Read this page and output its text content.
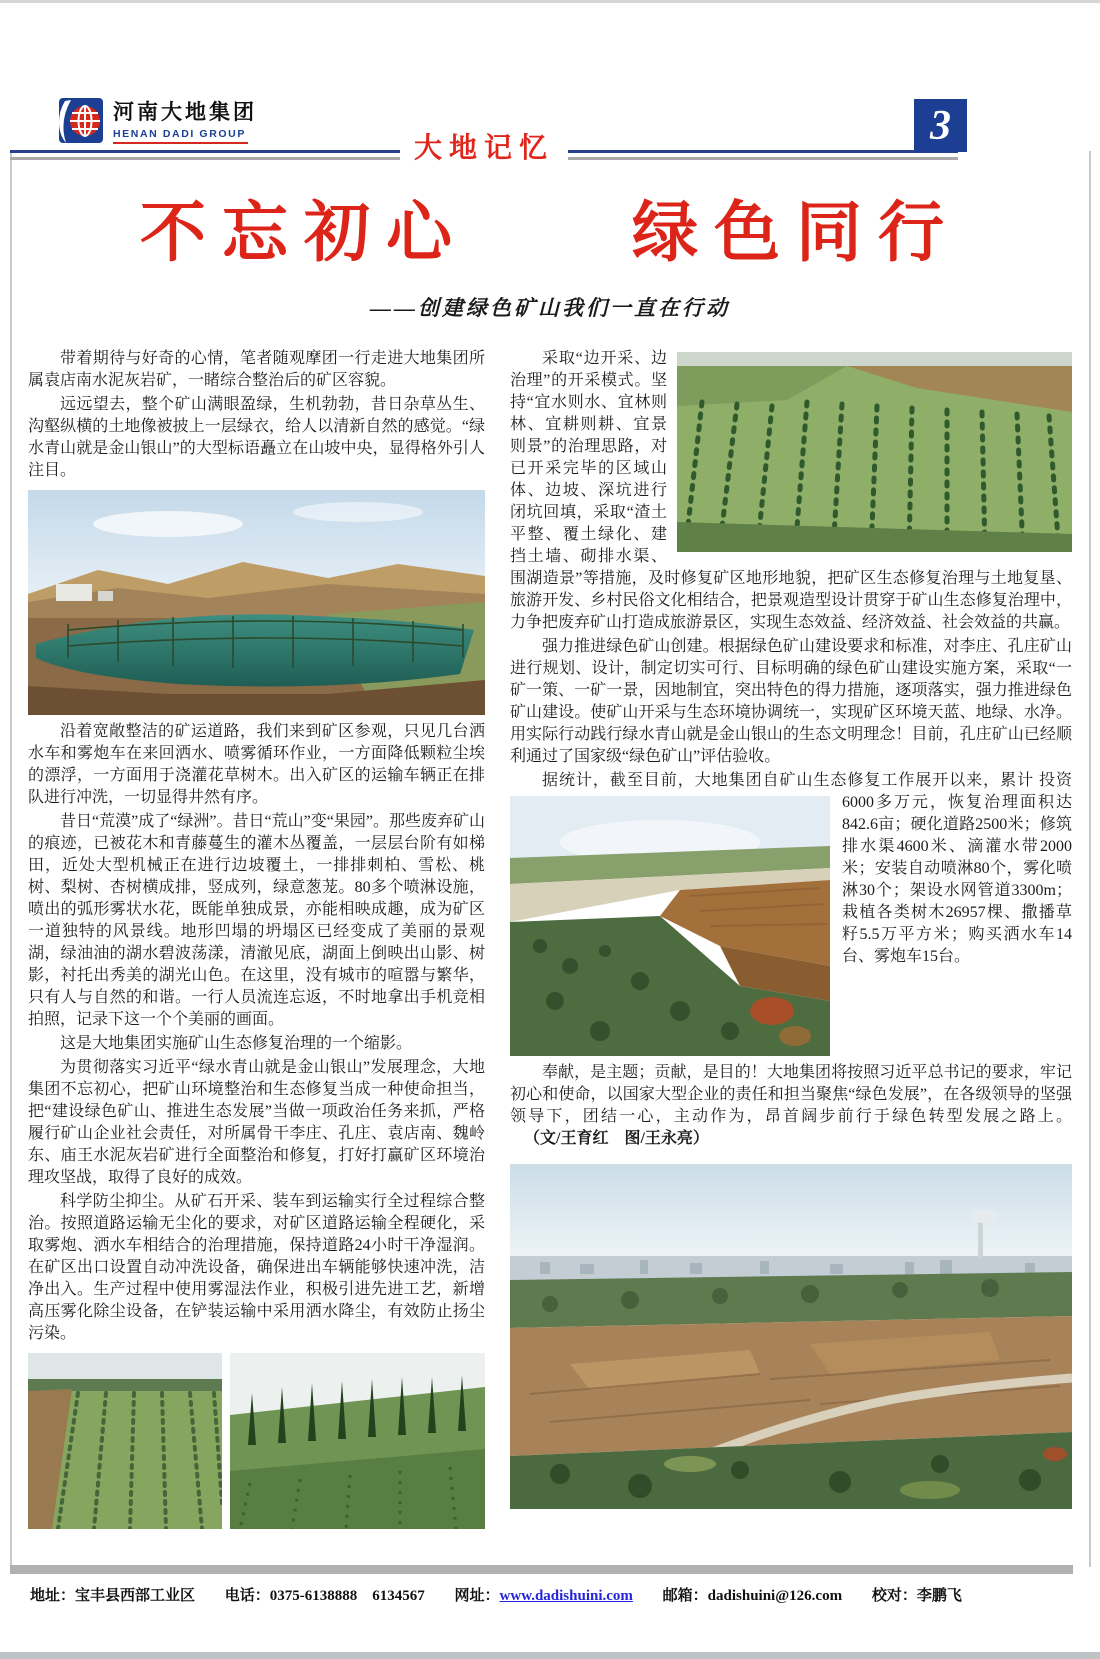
河南大地集团
HENAN DADI GROUP	大地记忆	3
不忘初心　　绿色同行
——创建绿色矿山我们一直在行动
带着期待与好奇的心情，笔者随观摩团一行走进大地集团所属袁店南水泥灰岩矿，一睹综合整治后的矿区容貌。
远远望去，整个矿山满眼盈绿，生机勃勃，昔日杂草丛生、沟壑纵横的土地像被披上一层绿衣，给人以清新自然的感觉。“绿水青山就是金山银山”的大型标语矗立在山坡中央，显得格外引人注目。
沿着宽敞整洁的矿运道路，我们来到矿区参观，只见几台洒水车和雾炮车在来回洒水、喷雾循环作业，一方面降低颗粒尘埃的漂浮，一方面用于浇灌花草树木。出入矿区的运输车辆正在排队进行冲洗，一切显得井然有序。
昔日“荒漠”成了“绿洲”。昔日“荒山”变“果园”。那些废弃矿山的痕迹，已被花木和青藤蔓生的灌木丛覆盖，一层层台阶有如梯田，近处大型机械正在进行边坡覆土，一排排刺柏、雪松、桃树、梨树、杏树横成排，竖成列，绿意葱茏。80多个喷淋设施，喷出的弧形雾状水花，既能单独成景，亦能相映成趣，成为矿区一道独特的风景线。地形凹塌的坍塌区已经变成了美丽的景观湖，绿油油的湖水碧波荡漾，清澈见底，湖面上倒映出山影、树影，衬托出秀美的湖光山色。在这里，没有城市的喧嚣与繁华，只有人与自然的和谐。一行人员流连忘返，不时地拿出手机竞相拍照，记录下这一个个美丽的画面。
这是大地集团实施矿山生态修复治理的一个缩影。
为贯彻落实习近平“绿水青山就是金山银山”发展理念，大地集团不忘初心，把矿山环境整治和生态修复当成一种使命担当，把“建设绿色矿山、推进生态发展”当做一项政治任务来抓，严格履行矿山企业社会责任，对所属骨干李庄、孔庄、袁店南、魏岭东、庙王水泥灰岩矿进行全面整治和修复，打好打赢矿区环境治理攻坚战，取得了良好的成效。
科学防尘抑尘。从矿石开采、装车到运输实行全过程综合整治。按照道路运输无尘化的要求，对矿区道路运输全程硬化，采取雾炮、洒水车相结合的治理措施，保持道路24小时干净湿润。在矿区出口设置自动冲洗设备，确保进出车辆能够快速冲洗，洁净出入。生产过程中使用雾湿法作业，积极引进先进工艺，新增高压雾化除尘设备，在铲装运输中采用洒水降尘，有效防止扬尘污染。
采取“边开采、边治理”的开采模式。坚持“宜水则水、宜林则林、宜耕则耕、宜景则景”的治理思路，对已开采完毕的区域山体、边坡、深坑进行闭坑回填，采取“渣土平整、覆土绿化、建挡土墙、砌排水渠、围湖造景”等措施，及时修复矿区地形地貌，把矿区生态修复治理与土地复垦、旅游开发、乡村民俗文化相结合，把景观造型设计贯穿于矿山生态修复治理中，力争把废弃矿山打造成旅游景区，实现生态效益、经济效益、社会效益的共赢。
强力推进绿色矿山创建。根据绿色矿山建设要求和标准，对李庄、孔庄矿山进行规划、设计，制定切实可行、目标明确的绿色矿山建设实施方案，采取“一矿一策、一矿一景，因地制宜，突出特色的得力措施，逐项落实，强力推进绿色矿山建设。使矿山开采与生态环境协调统一，实现矿区环境天蓝、地绿、水净。用实际行动践行绿水青山就是金山银山的生态文明理念！目前，孔庄矿山已经顺利通过了国家级“绿色矿山”评估验收。
据统计，截至目前，大地集团自矿山生态修复工作展开以来，累计 投资6000多万元，恢复治理面积达842.6亩；硬化道路2500米；修筑排水渠4600米、滴灌水带2000米；安装自动喷淋80个，雾化喷淋30个；架设水网管道3300m；栽植各类树木26957棵、撒播草籽5.5万平方米；购买洒水车14台、雾炮车15台。
奉献，是主题；贡献，是目的！大地集团将按照习近平总书记的要求，牢记初心和使命，以国家大型企业的责任和担当聚焦“绿色发展”，在各级领导的坚强领导下，团结一心，主动作为，昂首阔步前行于绿色转型发展之路上。 （文/王育红　图/王永亮）
地址：宝丰县西部工业区 电话：0375-6138888　6134567 网址：www.dadishuini.com 邮箱：dadishuini@126.com 校对：李鹏飞
